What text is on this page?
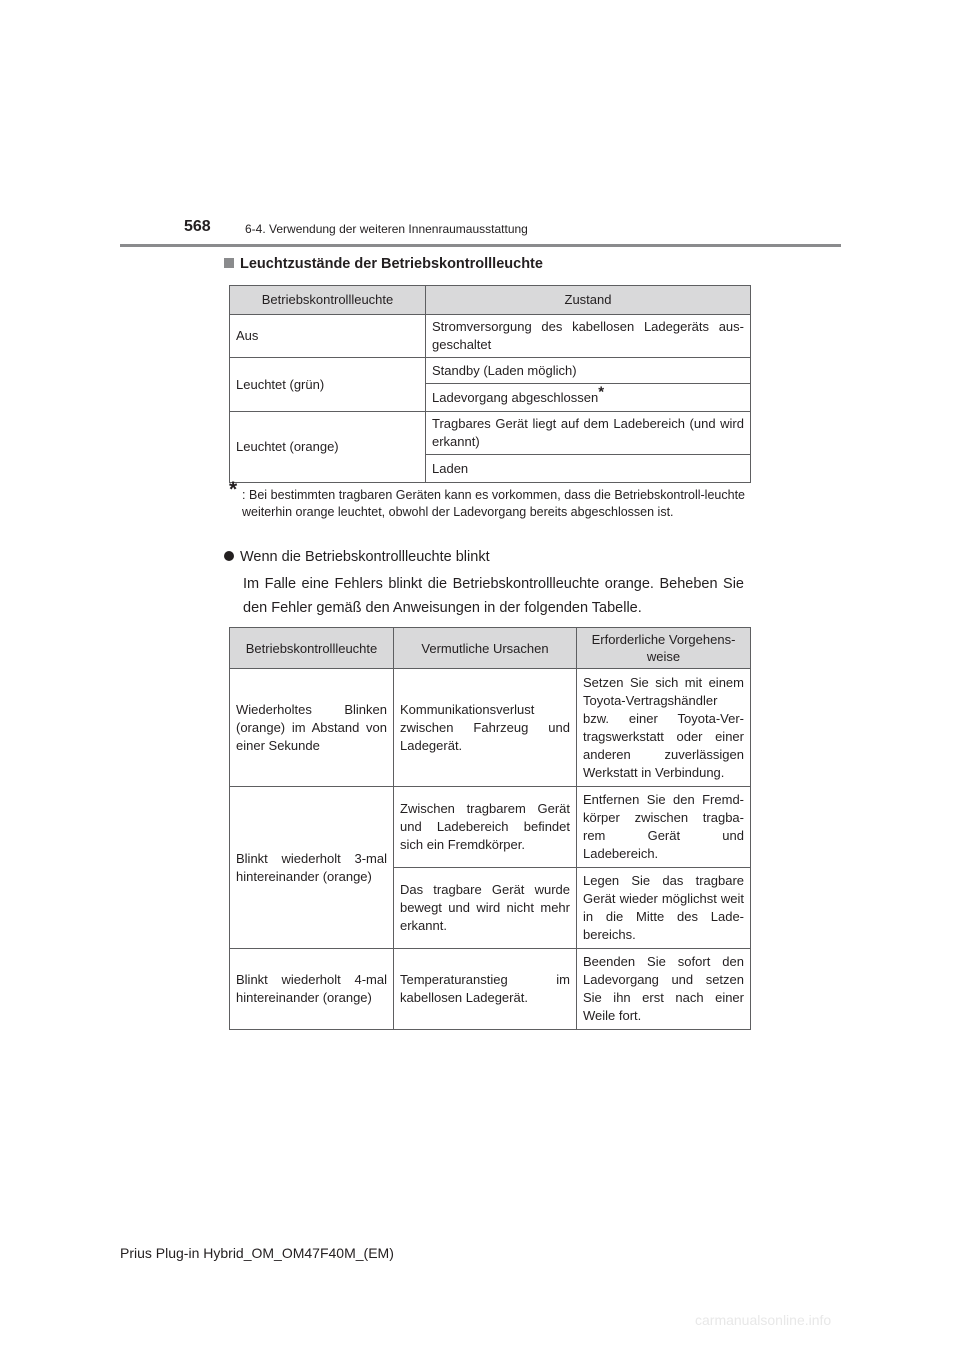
568	6-4. Verwendung der weiteren Innenraumausstattung
Leuchtzustände der Betriebskontrollleuchte
Betriebskontrollleuchte	Zustand
Aus	Stromversorgung des kabellosen Ladegeräts aus-geschaltet
Leuchtet (grün)	Standby (Laden möglich)
	Ladevorgang abgeschlossen*
Leuchtet (orange)	Tragbares Gerät liegt auf dem Ladebereich (und wird erkannt)
	Laden
* : Bei bestimmten tragbaren Geräten kann es vorkommen, dass die Betriebskontroll-leuchte weiterhin orange leuchtet, obwohl der Ladevorgang bereits abgeschlossen ist.
Wenn die Betriebskontrollleuchte blinkt
Im Falle eine Fehlers blinkt die Betriebskontrollleuchte orange. Beheben Sie den Fehler gemäß den Anweisungen in der folgenden Tabelle.
Betriebskontrollleuchte	Vermutliche Ursachen	Erforderliche Vorgehens-weise
Wiederholtes Blinken (orange) im Abstand von einer Sekunde	Kommunikationsverlust zwischen Fahrzeug und Ladegerät.	Setzen Sie sich mit einem Toyota-Vertragshändler bzw. einer Toyota-Ver-tragswerkstatt oder einer anderen zuverlässigen Werkstatt in Verbindung.
Blinkt wiederholt 3-mal hintereinander (orange)	Zwischen tragbarem Gerät und Ladebereich befindet sich ein Fremdkörper.	Entfernen Sie den Fremd-körper zwischen tragba-rem Gerät und Ladebereich.
	Das tragbare Gerät wurde bewegt und wird nicht mehr erkannt.	Legen Sie das tragbare Gerät wieder möglichst weit in die Mitte des Lade-bereichs.
Blinkt wiederholt 4-mal hintereinander (orange)	Temperaturanstieg im kabellosen Ladegerät.	Beenden Sie sofort den Ladevorgang und setzen Sie ihn erst nach einer Weile fort.
Prius Plug-in Hybrid_OM_OM47F40M_(EM)
carmanualsonline.info
